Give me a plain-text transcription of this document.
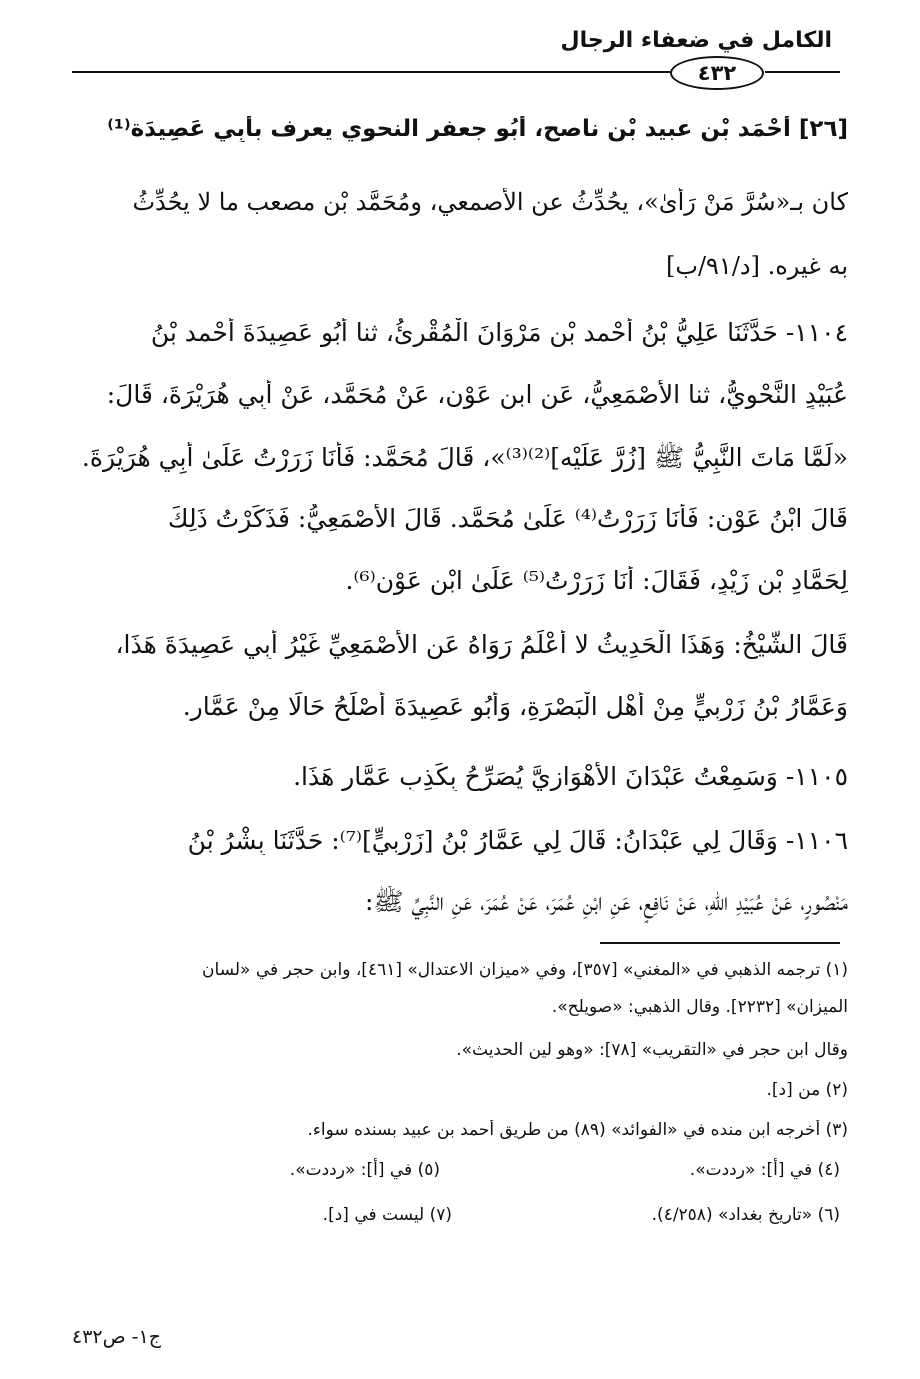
الكامل في ضعفاء الرجال
٤٣٢
[٢٦] أَحْمَد بْن عبيد بْن ناصح، أَبُو جعفر النحوي يعرف بأَبِي عَصِيدَة⁽¹⁾
كان بـ«سُرَّ مَنْ رَأَىٰ»، يحُدِّثُ عن الأصمعي، ومُحَمَّد بْن مصعب ما لا يحُدِّثُ
به غيره. [د/٩١/ب]
١١٠٤- حَدَّثَنَا عَلِيُّ بْنُ أَحْمد بْنِ مَرْوَانَ الْمُقْرِئُ، ثنا أَبُو عَصِيدَةَ أَحْمد بْنُ
عُبَيْدٍ النَّحْوِيُّ، ثنا الأَصْمَعِيُّ، عَنِ ابنِ عَوْنٍ، عَنْ مُحَمَّد، عَنْ أَبِي هُرَيْرَةَ، قَالَ:
«لَمَّا مَاتَ النَّبِيُّ ﷺ [زُرَّ عَلَيْه]⁽²⁾⁽³⁾»، قَالَ مُحَمَّد: فَأَنَا زَرَرْتُ عَلَىٰ أَبِي هُرَيْرَةَ.
قَالَ ابْنُ عَوْنٍ: فَأَنَا زَرَرْتُ⁽⁴⁾ عَلَىٰ مُحَمَّد. قَالَ الأَصْمَعِيُّ: فَذَكَرْتُ ذَلِكَ
لِحَمَّادِ بْنِ زَيْدٍ، فَقَالَ: أَنَا زَرَرْتُ⁽⁵⁾ عَلَىٰ ابْنِ عَوْنٍ⁽⁶⁾.
قَالَ الشَّيْخُ: وَهَذَا الْحَدِيثُ لا أَعْلَمُ رَوَاهُ عَنِ الأَصْمَعِيِّ غَيْرُ أَبِي عَصِيدَةَ هَذَا،
وَعَمَّارُ بْنُ زَرْبِيٍّ مِنْ أَهْلِ الْبَصْرَةِ، وَأَبُو عَصِيدَةَ أَصْلَحُ حَالًا مِنْ عَمَّارٍ.
١١٠٥- وَسَمِعْتُ عَبْدَانَ الأَهْوَازِيَّ يُصَرِّحُ بِكَذِبِ عَمَّارٍ هَذَا.
١١٠٦- وَقَالَ لِي عَبْدَانُ: قَالَ لِي عَمَّارُ بْنُ [زَرْبِيٍّ]⁽⁷⁾: حَدَّثَنَا بِشْرُ بْنُ
مَنْصُورٍ، عَنْ عُبَيْدِ اللهِ، عَنْ نَافِعٍ، عَنِ ابْنِ عُمَرَ، عَنْ عُمَرَ، عَنِ النَّبِيِّ ﷺ:
(١) ترجمه الذهبي في «المغني» [٣٥٧]، وفي «ميزان الاعتدال» [٤٦١]، وابن حجر في «لسان
الميزان» [٢٢٣٢]. وقال الذهبي: «صويلح».
وقال ابن حجر في «التقريب» [٧٨]: «وهو لين الحديث».
(٢) من [د].
(٣) أخرجه ابن منده في «الفوائد» (٨٩) من طريق أحمد بن عبيد بسنده سواء.
(٤) في [أ]: «رددت».
(٥) في [أ]: «رددت».
(٦) «تاريخ بغداد» (٤/٢٥٨).
(٧) ليست في [د].
ج١- ص٤٣٢
